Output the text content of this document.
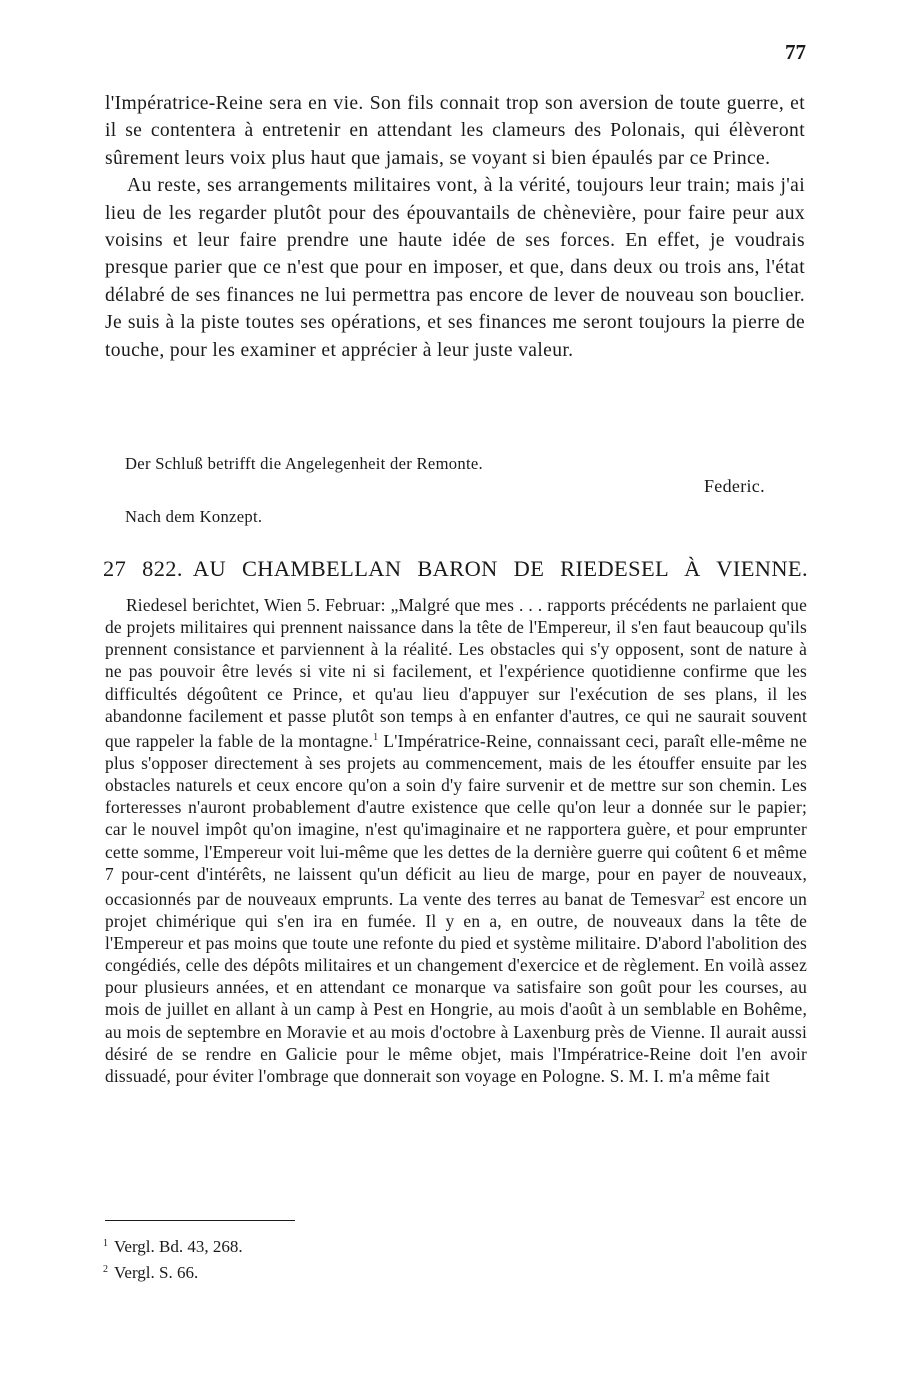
77

l'Impératrice-Reine sera en vie. Son fils connait trop son aversion de toute guerre, et il se contentera à entretenir en attendant les clameurs des Polonais, qui élèveront sûrement leurs voix plus haut que jamais, se voyant si bien épaulés par ce Prince.

Au reste, ses arrangements militaires vont, à la vérité, toujours leur train; mais j'ai lieu de les regarder plutôt pour des épouvantails de chènevière, pour faire peur aux voisins et leur faire prendre une haute idée de ses forces. En effet, je voudrais presque parier que ce n'est que pour en imposer, et que, dans deux ou trois ans, l'état délabré de ses finances ne lui permettra pas encore de lever de nouveau son bouclier. Je suis à la piste toutes ses opérations, et ses finances me seront toujours la pierre de touche, pour les examiner et apprécier à leur juste valeur.

Der Schluß betrifft die Angelegenheit der Remonte.
Federic.
Nach dem Konzept.
27 822. AU CHAMBELLAN BARON DE RIEDESEL À VIENNE.

Riedesel berichtet, Wien 5. Februar: „Malgré que mes . . . rapports précédents ne parlaient que de projets militaires qui prennent naissance dans la tête de l'Empereur, il s'en faut beaucoup qu'ils prennent consistance et parviennent à la réalité. Les obstacles qui s'y opposent, sont de nature à ne pas pouvoir être levés si vite ni si facilement, et l'expérience quotidienne confirme que les difficultés dégoûtent ce Prince, et qu'au lieu d'appuyer sur l'exécution de ses plans, il les abandonne facilement et passe plutôt son temps à en enfanter d'autres, ce qui ne saurait souvent que rappeler la fable de la montagne.$^1$ L'Impératrice-Reine, connaissant ceci, paraît elle-même ne plus s'opposer directement à ses projets au commencement, mais de les étouffer ensuite par les obstacles naturels et ceux encore qu'on a soin d'y faire survenir et de mettre sur son chemin. Les forteresses n'auront probablement d'autre existence que celle qu'on leur a donnée sur le papier; car le nouvel impôt qu'on imagine, n'est qu'imaginaire et ne rapportera guère, et pour emprunter cette somme, l'Empereur voit lui-même que les dettes de la dernière guerre qui coûtent 6 et même 7 pour-cent d'intérêts, ne laissent qu'un déficit au lieu de marge, pour en payer de nouveaux, occasionnés par de nouveaux emprunts. La vente des terres au banat de Temesvar$^2$ est encore un projet chimérique qui s'en ira en fumée. Il y en a, en outre, de nouveaux dans la tête de l'Empereur et pas moins que toute une refonte du pied et système militaire. D'abord l'abolition des congédiés, celle des dépôts militaires et un changement d'exercice et de règlement. En voilà assez pour plusieurs années, et en attendant ce monarque va satisfaire son goût pour les courses, au mois de juillet en allant à un camp à Pest en Hongrie, au mois d'août à un semblable en Bohême, au mois de septembre en Moravie et au mois d'octobre à Laxenburg près de Vienne. Il aurait aussi désiré de se rendre en Galicie pour le même objet, mais l'Impératrice-Reine doit l'en avoir dissuadé, pour éviter l'ombrage que donnerait son voyage en Pologne. S. M. I. m'a même fait

$^1$ Vergl. Bd. 43, 268.
$^2$ Vergl. S. 66.
